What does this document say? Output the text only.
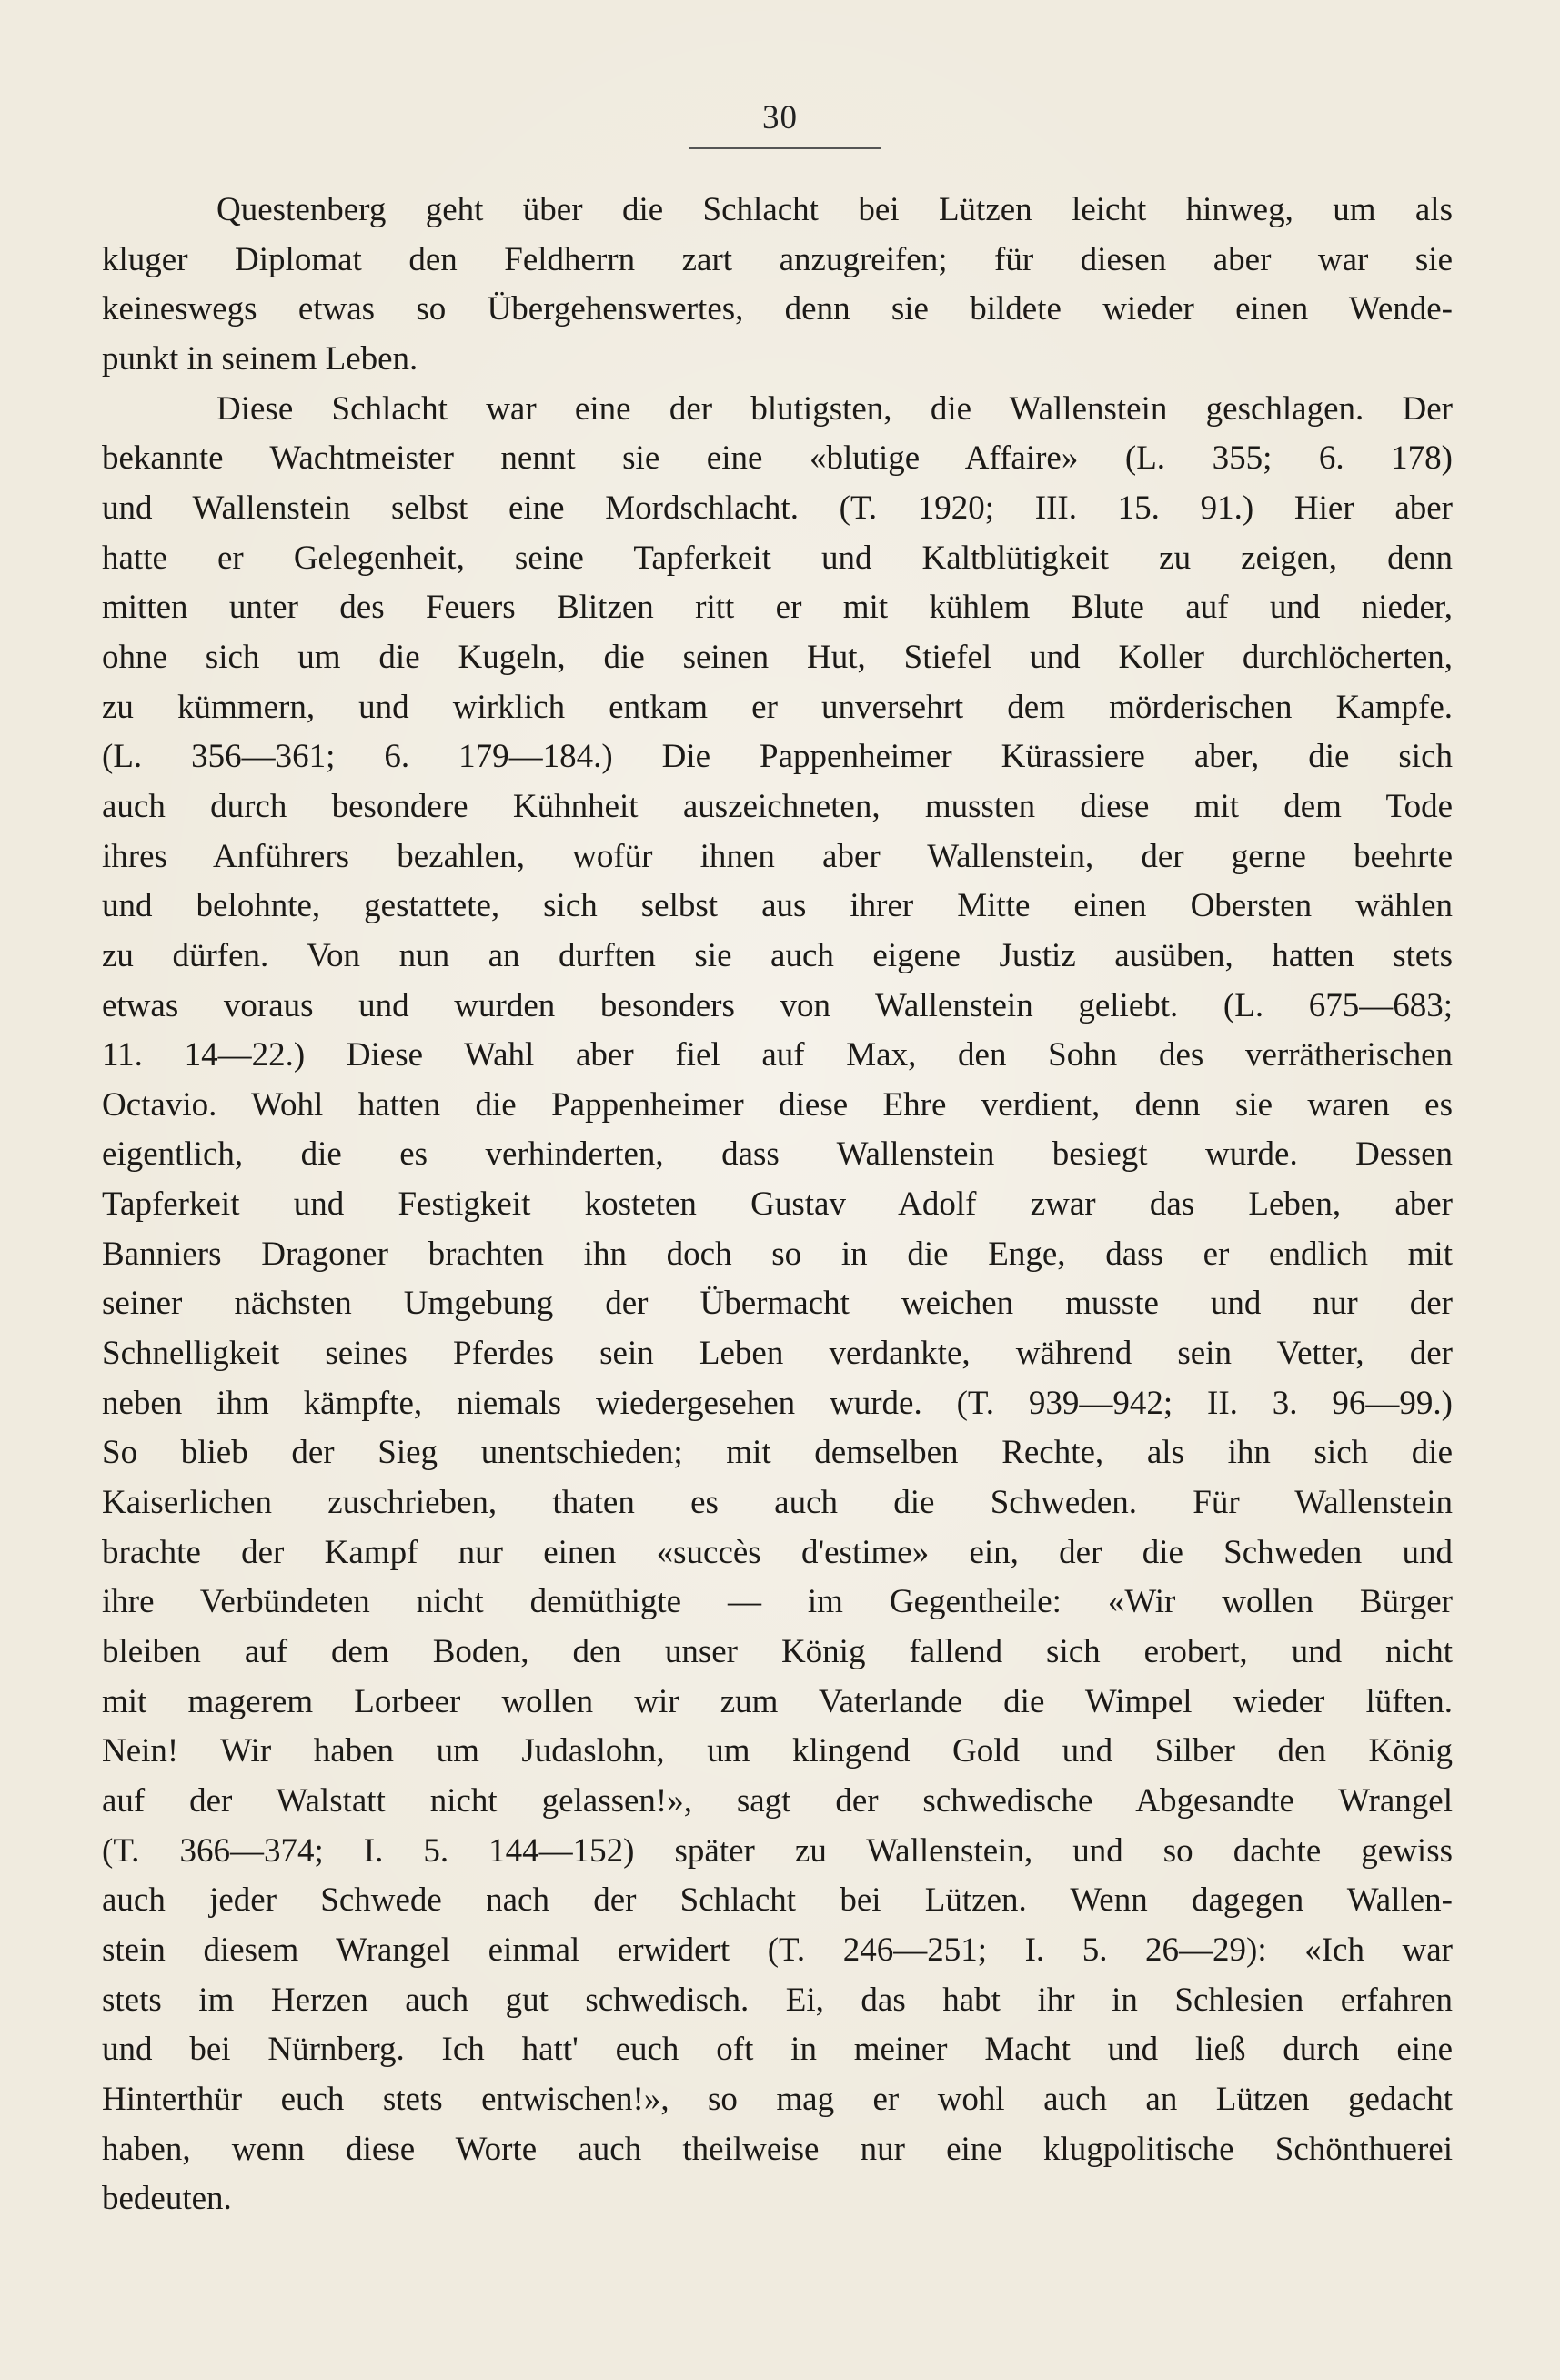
30
Questenberg geht über die Schlacht bei Lützen leicht hinweg, um als
kluger Diplomat den Feldherrn zart anzugreifen; für diesen aber war sie
keineswegs etwas so Übergehenswertes, denn sie bildete wieder einen Wende-
punkt in seinem Leben.
Diese Schlacht war eine der blutigsten, die Wallenstein geschlagen. Der
bekannte Wachtmeister nennt sie eine «blutige Affaire» (L. 355; 6. 178)
und Wallenstein selbst eine Mordschlacht. (T. 1920; III. 15. 91.) Hier aber
hatte er Gelegenheit, seine Tapferkeit und Kaltblütigkeit zu zeigen, denn
mitten unter des Feuers Blitzen ritt er mit kühlem Blute auf und nieder,
ohne sich um die Kugeln, die seinen Hut, Stiefel und Koller durchlöcherten,
zu kümmern, und wirklich entkam er unversehrt dem mörderischen Kampfe.
(L. 356—361; 6. 179—184.) Die Pappenheimer Kürassiere aber, die sich
auch durch besondere Kühnheit auszeichneten, mussten diese mit dem Tode
ihres Anführers bezahlen, wofür ihnen aber Wallenstein, der gerne beehrte
und belohnte, gestattete, sich selbst aus ihrer Mitte einen Obersten wählen
zu dürfen. Von nun an durften sie auch eigene Justiz ausüben, hatten stets
etwas voraus und wurden besonders von Wallenstein geliebt. (L. 675—683;
11. 14—22.) Diese Wahl aber fiel auf Max, den Sohn des verrätherischen
Octavio. Wohl hatten die Pappenheimer diese Ehre verdient, denn sie waren es
eigentlich, die es verhinderten, dass Wallenstein besiegt wurde. Dessen
Tapferkeit und Festigkeit kosteten Gustav Adolf zwar das Leben, aber
Banniers Dragoner brachten ihn doch so in die Enge, dass er endlich mit
seiner nächsten Umgebung der Übermacht weichen musste und nur der
Schnelligkeit seines Pferdes sein Leben verdankte, während sein Vetter, der
neben ihm kämpfte, niemals wiedergesehen wurde. (T. 939—942; II. 3. 96—99.)
So blieb der Sieg unentschieden; mit demselben Rechte, als ihn sich die
Kaiserlichen zuschrieben, thaten es auch die Schweden. Für Wallenstein
brachte der Kampf nur einen «succès d'estime» ein, der die Schweden und
ihre Verbündeten nicht demüthigte — im Gegentheile: «Wir wollen Bürger
bleiben auf dem Boden, den unser König fallend sich erobert, und nicht
mit magerem Lorbeer wollen wir zum Vaterlande die Wimpel wieder lüften.
Nein! Wir haben um Judaslohn, um klingend Gold und Silber den König
auf der Walstatt nicht gelassen!», sagt der schwedische Abgesandte Wrangel
(T. 366—374; I. 5. 144—152) später zu Wallenstein, und so dachte gewiss
auch jeder Schwede nach der Schlacht bei Lützen. Wenn dagegen Wallen-
stein diesem Wrangel einmal erwidert (T. 246—251; I. 5. 26—29): «Ich war
stets im Herzen auch gut schwedisch. Ei, das habt ihr in Schlesien erfahren
und bei Nürnberg. Ich hatt' euch oft in meiner Macht und ließ durch eine
Hinterthür euch stets entwischen!», so mag er wohl auch an Lützen gedacht
haben, wenn diese Worte auch theilweise nur eine klugpolitische Schönthuerei
bedeuten.
